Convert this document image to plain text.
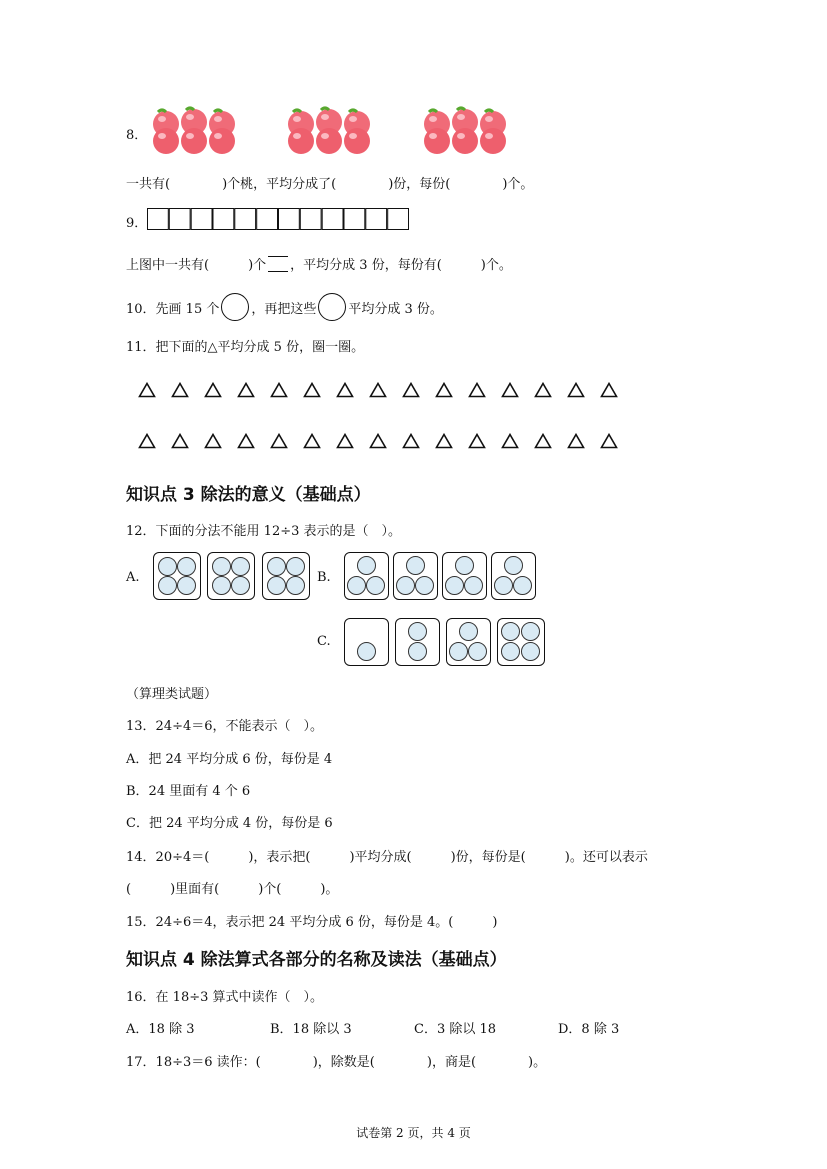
8．
一共有(　　　　)个桃，平均分成了(　　　　)份，每份(　　　　)个。
9．
上图中一共有(　　　)个 ，平均分成 3 份，每份有(　　　)个。
10．先画 15 个 ，再把这些 平均分成 3 份。
11．把下面的△平均分成 5 份，圈一圈。
知识点 3 除法的意义（基础点）
12．下面的分法不能用 12÷3 表示的是（　）。
A.	B.
C.
（算理类试题）
13．24÷4＝6，不能表示（　）。
A．把 24 平均分成 6 份，每份是 4
B．24 里面有 4 个 6
C．把 24 平均分成 4 份，每份是 6
14．20÷4＝(　　　)，表示把(　　　)平均分成(　　　)份，每份是(　　　)。还可以表示
(　　　)里面有(　　　)个(　　　)。
15．24÷6＝4，表示把 24 平均分成 6 份，每份是 4。(　　　)
知识点 4 除法算式各部分的名称及读法（基础点）
16．在 18÷3 算式中读作（　）。
A．18 除 3	B．18 除以 3	C．3 除以 18	D．8 除 3
17．18÷3＝6 读作：(　　　　)，除数是(　　　　)，商是(　　　　)。
试卷第 2 页，共 4 页
